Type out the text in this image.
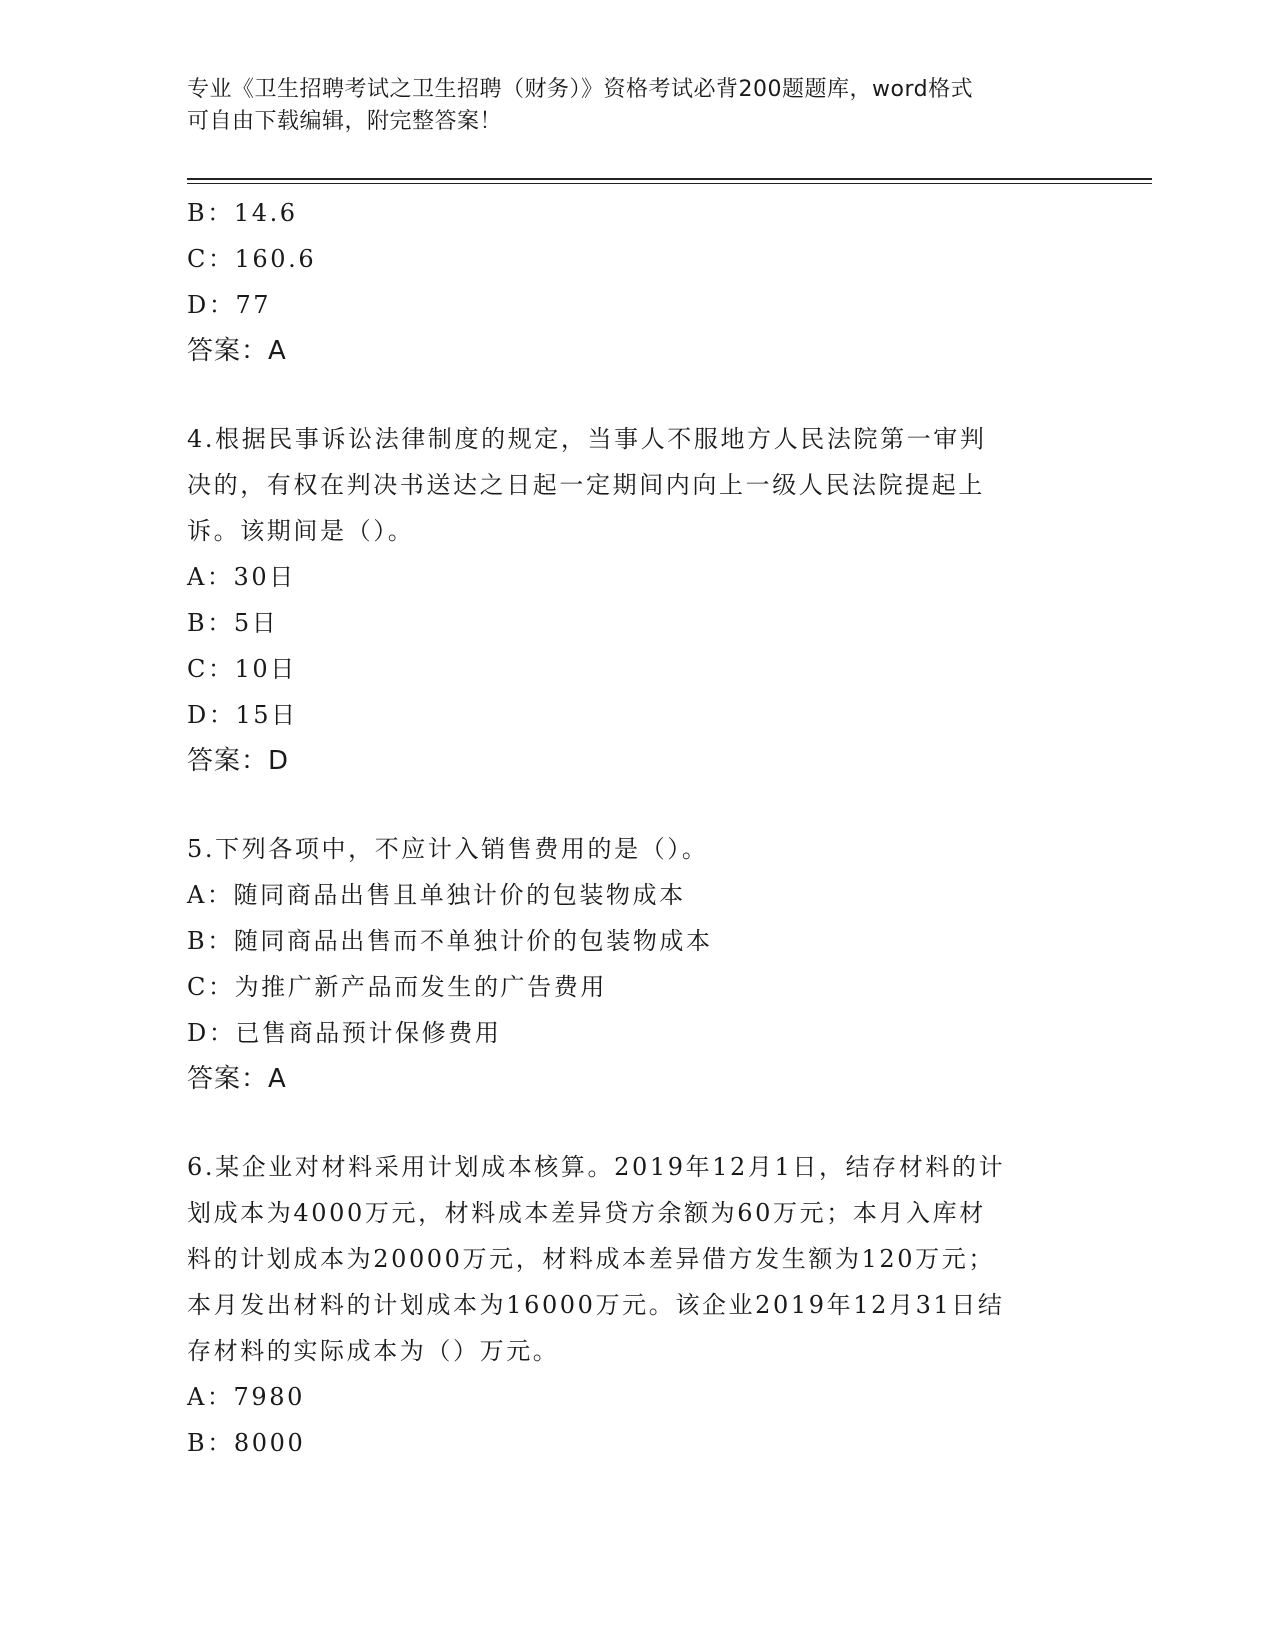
专业《卫生招聘考试之卫生招聘（财务）》资格考试必背200题题库，word格式
可自由下载编辑，附完整答案！
B：14.6
C：160.6
D：77
答案：A
4.根据民事诉讼法律制度的规定，当事人不服地方人民法院第一审判
决的，有权在判决书送达之日起一定期间内向上一级人民法院提起上
诉。该期间是（）。
A：30日
B：5日
C：10日
D：15日
答案：D
5.下列各项中，不应计入销售费用的是（）。
A：随同商品出售且单独计价的包装物成本
B：随同商品出售而不单独计价的包装物成本
C：为推广新产品而发生的广告费用
D：已售商品预计保修费用
答案：A
6.某企业对材料采用计划成本核算。2019年12月1日，结存材料的计
划成本为4000万元，材料成本差异贷方余额为60万元；本月入库材
料的计划成本为20000万元，材料成本差异借方发生额为120万元；
本月发出材料的计划成本为16000万元。该企业2019年12月31日结
存材料的实际成本为（）万元。
A：7980
B：8000
